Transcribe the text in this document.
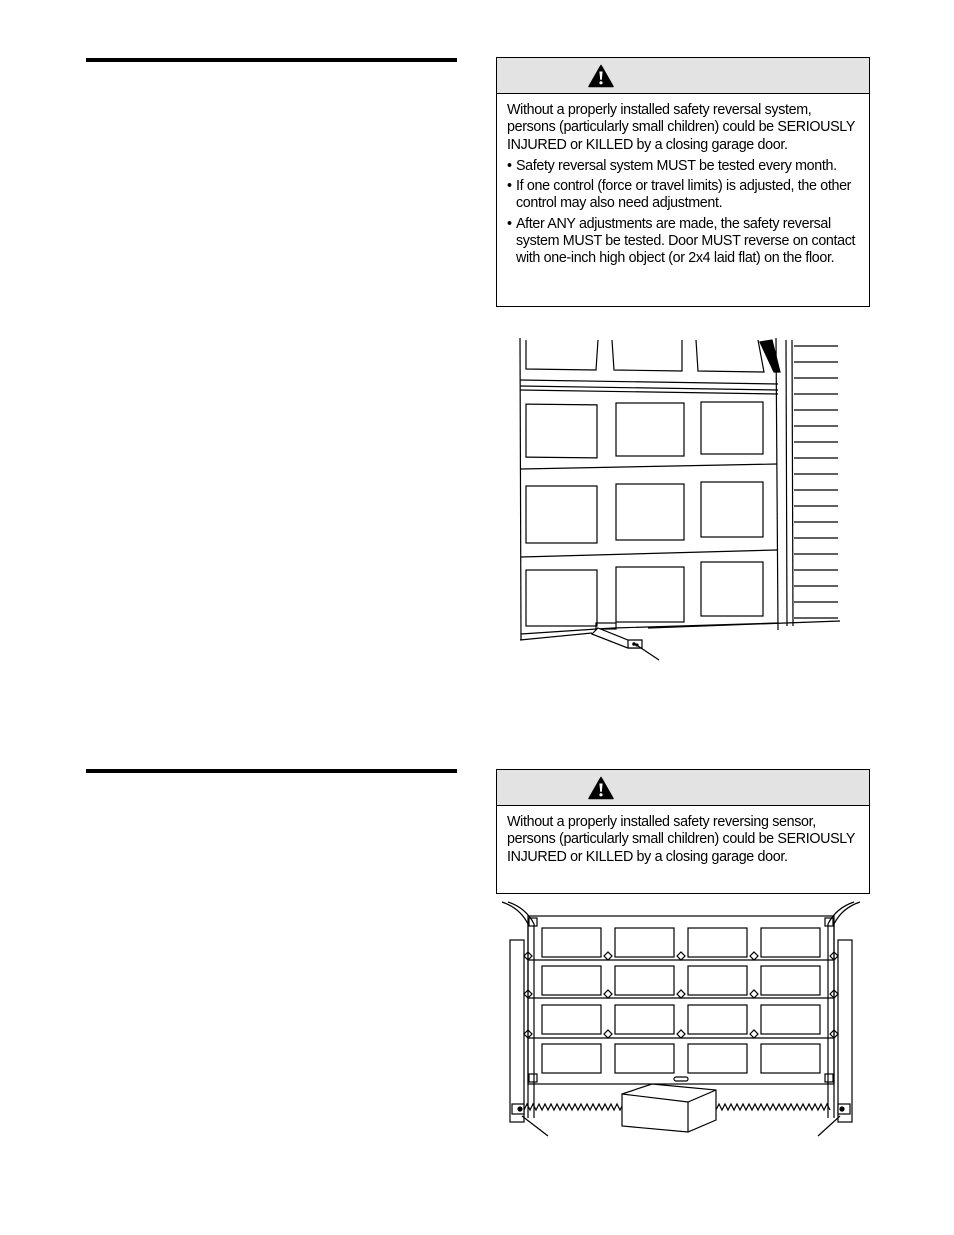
Without a properly installed safety reversal system, persons (particularly small children) could be SERIOUSLY INJURED or KILLED by a closing garage door.

• Safety reversal system MUST be tested every month.
• If one control (force or travel limits) is adjusted, the other control may also need adjustment.
• After ANY adjustments are made, the safety reversal system MUST be tested. Door MUST reverse on contact with one-inch high object (or 2x4 laid flat) on the floor.

Without a properly installed safety reversing sensor, persons (particularly small children) could be SERIOUSLY INJURED or KILLED by a closing garage door.
